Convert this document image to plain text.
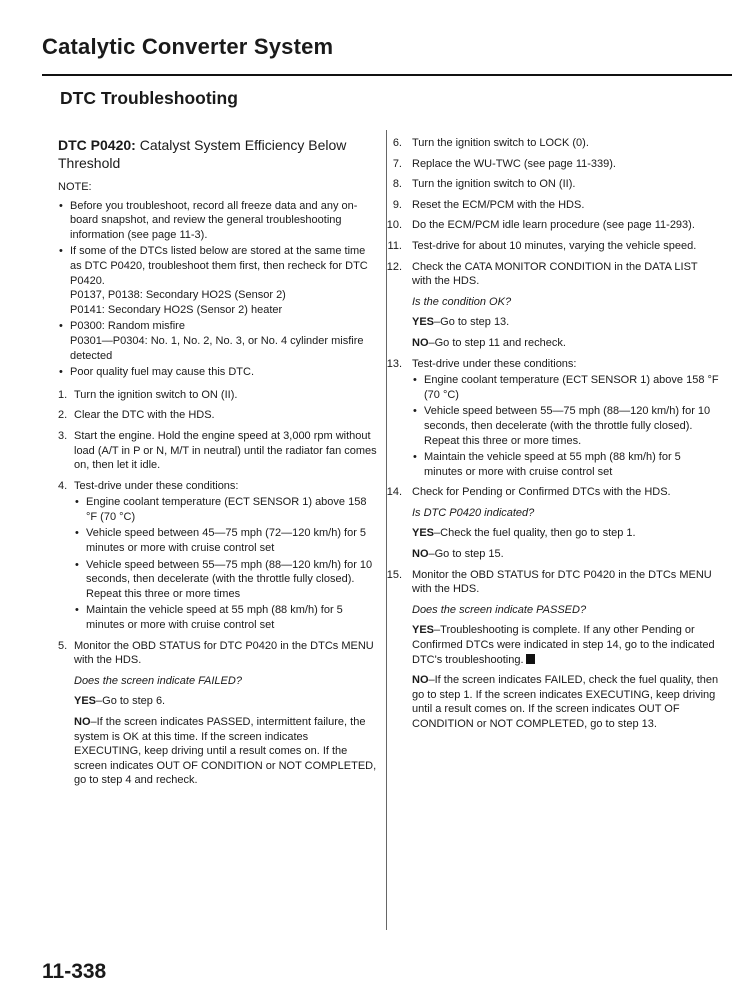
Catalytic Converter System
DTC Troubleshooting
DTC P0420: Catalyst System Efficiency Below Threshold
NOTE:
• Before you troubleshoot, record all freeze data and any on-board snapshot, and review the general troubleshooting information (see page 11-3).
• If some of the DTCs listed below are stored at the same time as DTC P0420, troubleshoot them first, then recheck for DTC P0420.
P0137, P0138: Secondary HO2S (Sensor 2)
P0141: Secondary HO2S (Sensor 2) heater
• P0300: Random misfire
P0301—P0304: No. 1, No. 2, No. 3, or No. 4 cylinder misfire detected
• Poor quality fuel may cause this DTC.
1. Turn the ignition switch to ON (II).
2. Clear the DTC with the HDS.
3. Start the engine. Hold the engine speed at 3,000 rpm without load (A/T in P or N, M/T in neutral) until the radiator fan comes on, then let it idle.
4. Test-drive under these conditions:
• Engine coolant temperature (ECT SENSOR 1) above 158 °F (70 °C)
• Vehicle speed between 45—75 mph (72—120 km/h) for 5 minutes or more with cruise control set
• Vehicle speed between 55—75 mph (88—120 km/h) for 10 seconds, then decelerate (with the throttle fully closed). Repeat this three or more times
• Maintain the vehicle speed at 55 mph (88 km/h) for 5 minutes or more with cruise control set
5. Monitor the OBD STATUS for DTC P0420 in the DTCs MENU with the HDS.
Does the screen indicate FAILED?
YES–Go to step 6.
NO–If the screen indicates PASSED, intermittent failure, the system is OK at this time. If the screen indicates EXECUTING, keep driving until a result comes on. If the screen indicates OUT OF CONDITION or NOT COMPLETED, go to step 4 and recheck.
6. Turn the ignition switch to LOCK (0).
7. Replace the WU-TWC (see page 11-339).
8. Turn the ignition switch to ON (II).
9. Reset the ECM/PCM with the HDS.
10. Do the ECM/PCM idle learn procedure (see page 11-293).
11. Test-drive for about 10 minutes, varying the vehicle speed.
12. Check the CATA MONITOR CONDITION in the DATA LIST with the HDS.
Is the condition OK?
YES–Go to step 13.
NO–Go to step 11 and recheck.
13. Test-drive under these conditions:
• Engine coolant temperature (ECT SENSOR 1) above 158 °F (70 °C)
• Vehicle speed between 55—75 mph (88—120 km/h) for 10 seconds, then decelerate (with the throttle fully closed). Repeat this three or more times.
• Maintain the vehicle speed at 55 mph (88 km/h) for 5 minutes or more with cruise control set
14. Check for Pending or Confirmed DTCs with the HDS.
Is DTC P0420 indicated?
YES–Check the fuel quality, then go to step 1.
NO–Go to step 15.
15. Monitor the OBD STATUS for DTC P0420 in the DTCs MENU with the HDS.
Does the screen indicate PASSED?
YES–Troubleshooting is complete. If any other Pending or Confirmed DTCs were indicated in step 14, go to the indicated DTC's troubleshooting.
NO–If the screen indicates FAILED, check the fuel quality, then go to step 1. If the screen indicates EXECUTING, keep driving until a result comes on. If the screen indicates OUT OF CONDITION or NOT COMPLETED, go to step 13.
11-338
